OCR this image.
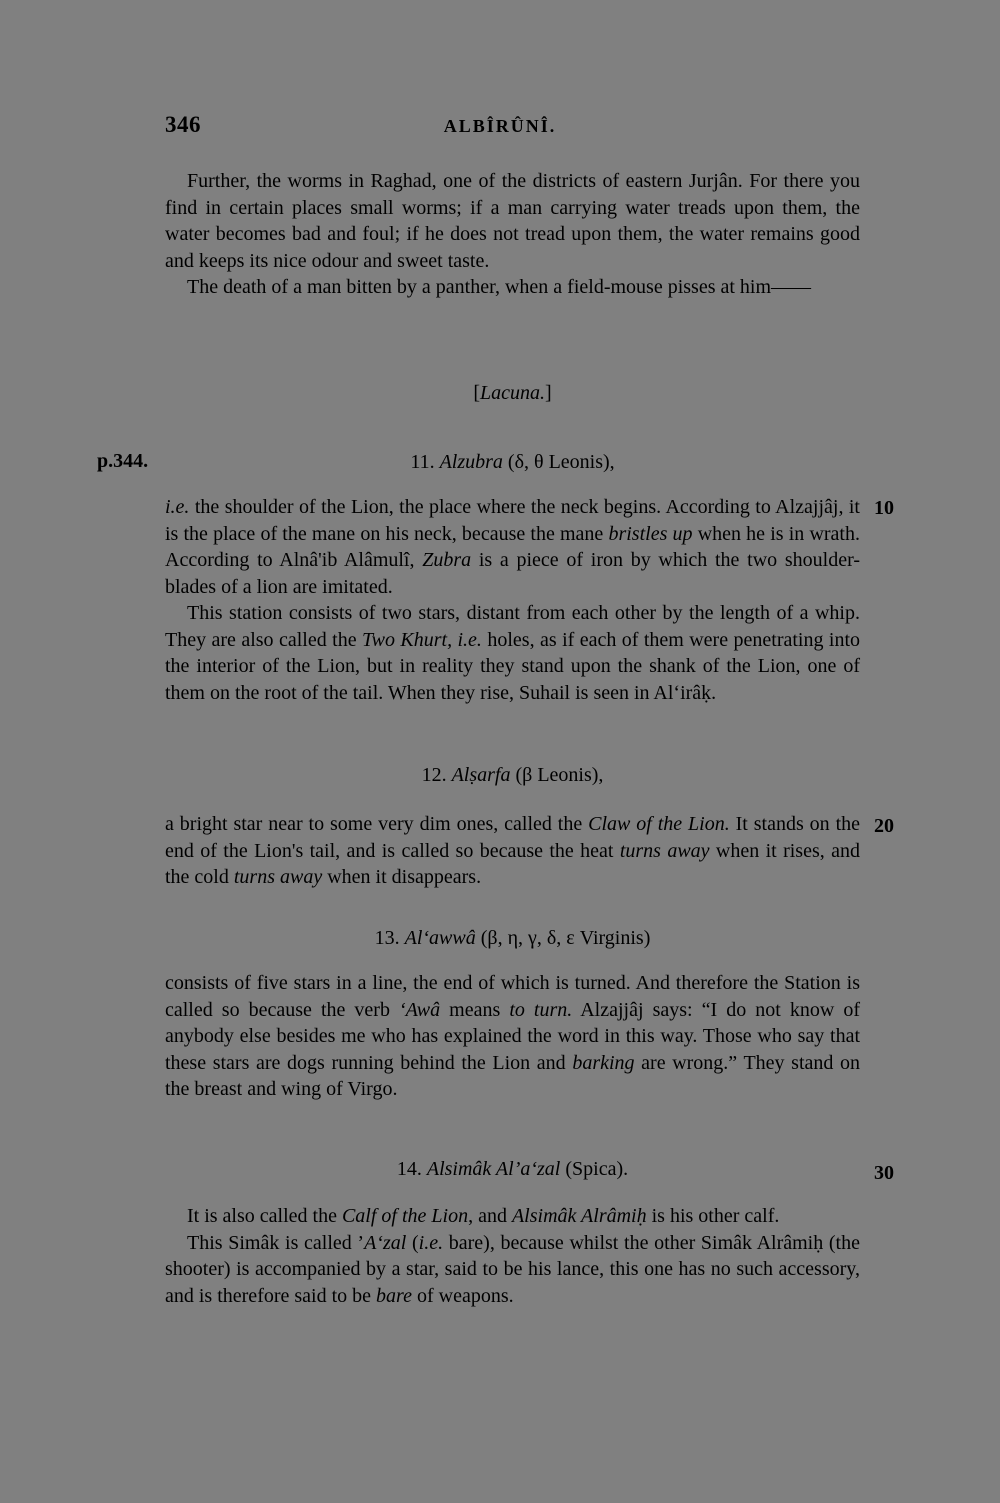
346	ALBÎRÛNÎ.

Further, the worms in Raghad, one of the districts of eastern Jurjân. For there you find in certain places small worms; if a man carrying water treads upon them, the water becomes bad and foul; if he does not tread upon them, the water remains good and keeps its nice odour and sweet taste.

The death of a man bitten by a panther, when a field-mouse pisses at him——

[Lacuna.]
p.344.	11. Alzubra (δ, θ Leonis),
10

i.e. the shoulder of the Lion, the place where the neck begins. According to Alzajjâj, it is the place of the mane on his neck, because the mane bristles up when he is in wrath. According to Alnâ'ib Alâmulî, Zubra is a piece of iron by which the two shoulder-blades of a lion are imitated.

This station consists of two stars, distant from each other by the length of a whip. They are also called the Two Khurt, i.e. holes, as if each of them were penetrating into the interior of the Lion, but in reality they stand upon the shank of the Lion, one of them on the root of the tail. When they rise, Suhail is seen in Al‘irâḳ.

12. Alṣarfa (β Leonis),
20

a bright star near to some very dim ones, called the Claw of the Lion. It stands on the end of the Lion's tail, and is called so because the heat turns away when it rises, and the cold turns away when it disappears.

13. Al‘awwâ (β, η, γ, δ, ε Virginis)

consists of five stars in a line, the end of which is turned. And therefore the Station is called so because the verb ‘Awâ means to turn. Alzajjâj says: “I do not know of anybody else besides me who has explained the word in this way. Those who say that these stars are dogs running behind the Lion and barking are wrong.” They stand on the breast and wing of Virgo.

14. Alsimâk Al’a‘zal (Spica).	30

It is also called the Calf of the Lion, and Alsimâk Alrâmiḥ is his other calf.

This Simâk is called ’A‘zal (i.e. bare), because whilst the other Simâk Alrâmiḥ (the shooter) is accompanied by a star, said to be his lance, this one has no such accessory, and is therefore said to be bare of weapons.
